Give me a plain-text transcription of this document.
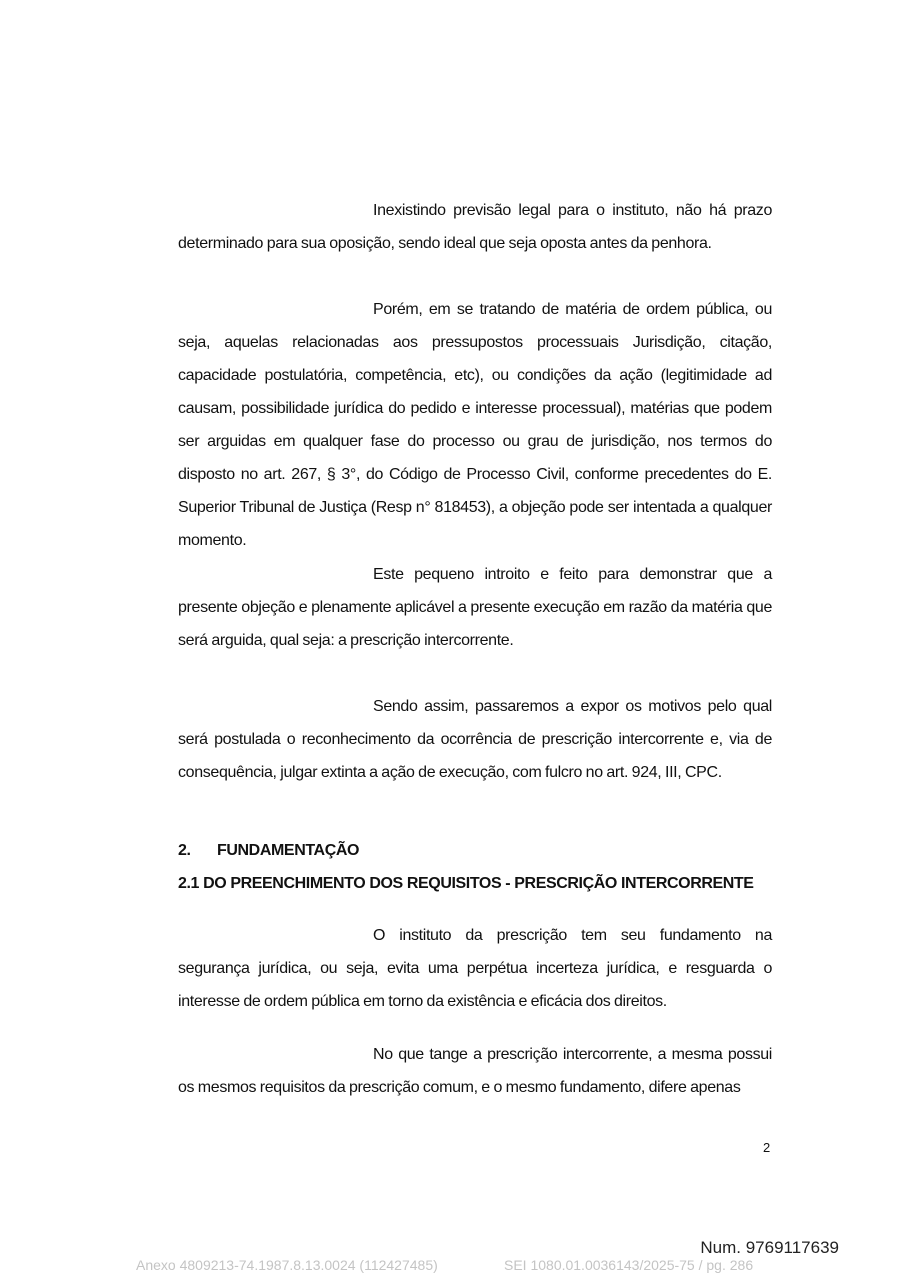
Inexistindo previsão legal para o instituto, não há prazo determinado para sua oposição, sendo ideal que seja oposta antes da penhora.

Porém, em se tratando de matéria de ordem pública, ou seja, aquelas relacionadas aos pressupostos processuais Jurisdição, citação, capacidade postulatória, competência, etc), ou condições da ação (legitimidade ad causam, possibilidade jurídica do pedido e interesse processual), matérias que podem ser arguidas em qualquer fase do processo ou grau de jurisdição, nos termos do disposto no art. 267, § 3°, do Código de Processo Civil, conforme precedentes do E. Superior Tribunal de Justiça (Resp n° 818453), a objeção pode ser intentada a qualquer momento.

Este pequeno introito e feito para demonstrar que a presente objeção e plenamente aplicável a presente execução em razão da matéria que será arguida, qual seja: a prescrição intercorrente.

Sendo assim, passaremos a expor os motivos pelo qual será postulada o reconhecimento da ocorrência de prescrição intercorrente e, via de consequência, julgar extinta a ação de execução, com fulcro no art. 924, III, CPC.

2. FUNDAMENTAÇÃO
2.1 DO PREENCHIMENTO DOS REQUISITOS - PRESCRIÇÃO INTERCORRENTE

O instituto da prescrição tem seu fundamento na segurança jurídica, ou seja, evita uma perpétua incerteza jurídica, e resguarda o interesse de ordem pública em torno da existência e eficácia dos direitos.

No que tange a prescrição intercorrente, a mesma possui os mesmos requisitos da prescrição comum, e o mesmo fundamento, difere apenas

2
Num. 9769117639
Anexo 4809213-74.1987.8.13.0024 (112427485)	SEI 1080.01.0036143/2025-75 / pg. 286
